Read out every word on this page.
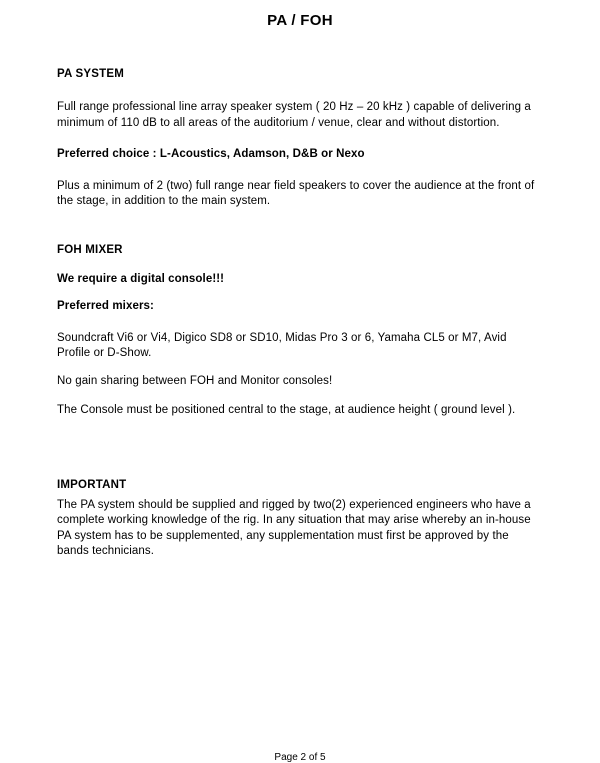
PA / FOH
PA SYSTEM

Full range professional line array speaker system ( 20 Hz – 20 kHz ) capable of delivering a minimum of 110 dB to all areas of the auditorium / venue, clear and without distortion.

Preferred choice : L-Acoustics, Adamson, D&B or Nexo

Plus a minimum of 2 (two) full range near field speakers to cover the audience at the front of the stage, in addition to the main system.

FOH MIXER

We require a digital console!!!

Preferred mixers:

Soundcraft Vi6 or Vi4, Digico SD8 or SD10, Midas Pro 3 or 6, Yamaha CL5 or M7, Avid Profile or D-Show.

No gain sharing between FOH and Monitor consoles!

The Console must be positioned central to the stage, at audience height ( ground level ).

IMPORTANT

The PA system should be supplied and rigged by two(2) experienced engineers who have a complete working knowledge of the rig. In any situation that may arise whereby an in-house PA system has to be supplemented, any supplementation must first be approved by the bands technicians.

Page 2 of 5
